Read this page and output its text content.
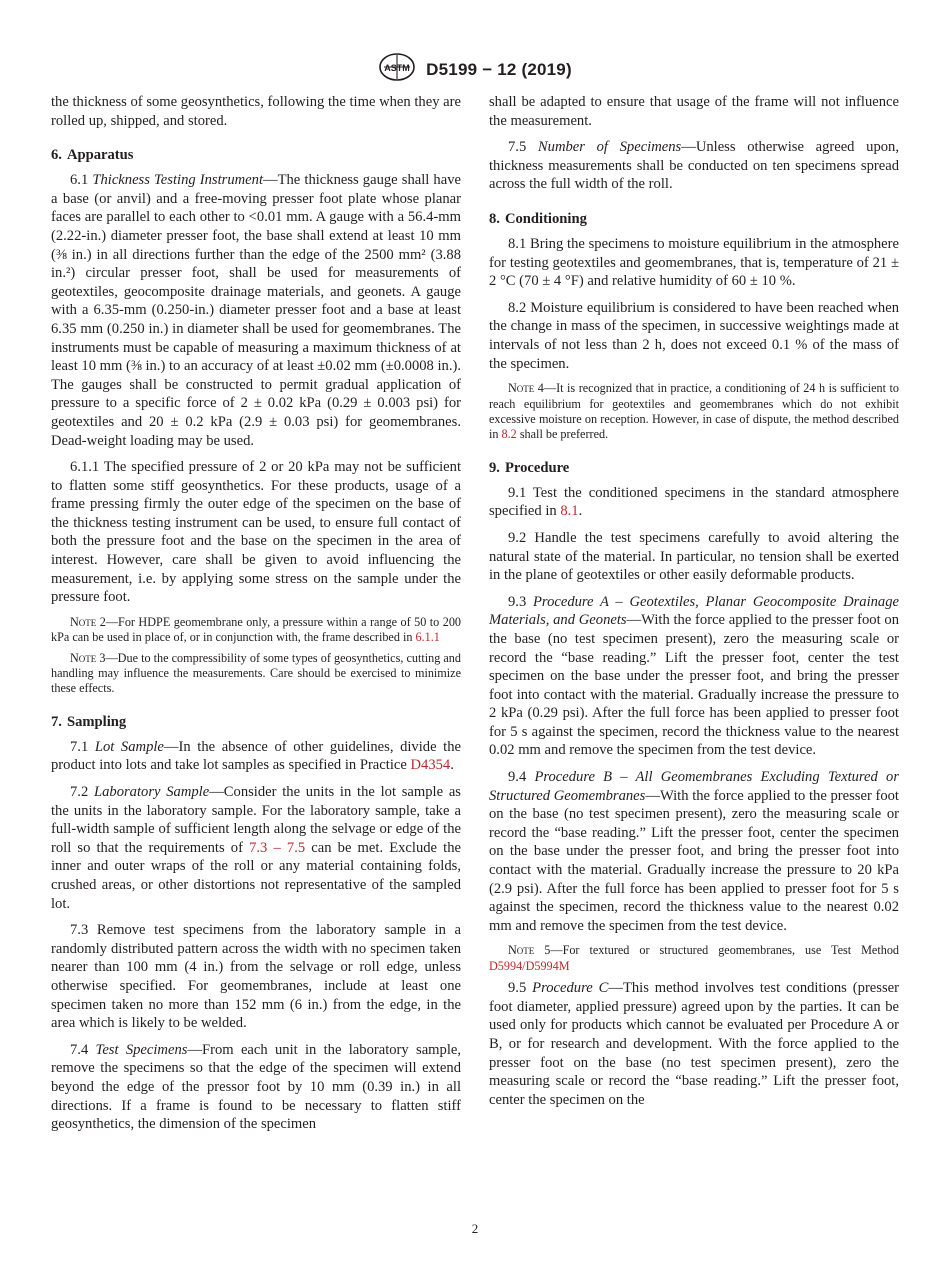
ASTM D5199 − 12 (2019)

the thickness of some geosynthetics, following the time when they are rolled up, shipped, and stored.

6. Apparatus

6.1 Thickness Testing Instrument—The thickness gauge shall have a base (or anvil) and a free-moving presser foot plate whose planar faces are parallel to each other to <0.01 mm. A gauge with a 56.4-mm (2.22-in.) diameter presser foot, the base shall extend at least 10 mm (⅜ in.) in all directions further than the edge of the 2500 mm² (3.88 in.²) circular presser foot, shall be used for measurements of geotextiles, geocomposite drainage materials, and geonets. A gauge with a 6.35-mm (0.250-in.) diameter presser foot and a base at least 6.35 mm (0.250 in.) in diameter shall be used for geomembranes. The instruments must be capable of measuring a maximum thickness of at least 10 mm (⅜ in.) to an accuracy of at least ±0.02 mm (±0.0008 in.). The gauges shall be constructed to permit gradual application of pressure to a specific force of 2 ± 0.02 kPa (0.29 ± 0.003 psi) for geotextiles and 20 ± 0.2 kPa (2.9 ± 0.03 psi) for geomembranes. Dead-weight loading may be used.

6.1.1 The specified pressure of 2 or 20 kPa may not be sufficient to flatten some stiff geosynthetics. For these products, usage of a frame pressing firmly the outer edge of the specimen on the base of the thickness testing instrument can be used, to ensure full contact of both the pressure foot and the base on the specimen in the area of interest. However, care shall be given to avoid influencing the measurement, i.e. by applying some stress on the sample under the pressure foot.

Note 2—For HDPE geomembrane only, a pressure within a range of 50 to 200 kPa can be used in place of, or in conjunction with, the frame described in 6.1.1

Note 3—Due to the compressibility of some types of geosynthetics, cutting and handling may influence the measurements. Care should be exercised to minimize these effects.

7. Sampling

7.1 Lot Sample—In the absence of other guidelines, divide the product into lots and take lot samples as specified in Practice D4354.

7.2 Laboratory Sample—Consider the units in the lot sample as the units in the laboratory sample. For the laboratory sample, take a full-width sample of sufficient length along the selvage or edge of the roll so that the requirements of 7.3 – 7.5 can be met. Exclude the inner and outer wraps of the roll or any material containing folds, crushed areas, or other distortions not representative of the sampled lot.

7.3 Remove test specimens from the laboratory sample in a randomly distributed pattern across the width with no specimen taken nearer than 100 mm (4 in.) from the selvage or roll edge, unless otherwise specified. For geomembranes, include at least one specimen taken no more than 152 mm (6 in.) from the edge, in the area which is likely to be welded.

7.4 Test Specimens—From each unit in the laboratory sample, remove the specimens so that the edge of the specimen will extend beyond the edge of the pressor foot by 10 mm (0.39 in.) in all directions. If a frame is found to be necessary to flatten stiff geosynthetics, the dimension of the specimen

shall be adapted to ensure that usage of the frame will not influence the measurement.

7.5 Number of Specimens—Unless otherwise agreed upon, thickness measurements shall be conducted on ten specimens spread across the full width of the roll.

8. Conditioning

8.1 Bring the specimens to moisture equilibrium in the atmosphere for testing geotextiles and geomembranes, that is, temperature of 21 ± 2 °C (70 ± 4 °F) and relative humidity of 60 ± 10 %.

8.2 Moisture equilibrium is considered to have been reached when the change in mass of the specimen, in successive weightings made at intervals of not less than 2 h, does not exceed 0.1 % of the mass of the specimen.

Note 4—It is recognized that in practice, a conditioning of 24 h is sufficient to reach equilibrium for geotextiles and geomembranes which do not exhibit excessive moisture on reception. However, in case of dispute, the method described in 8.2 shall be preferred.

9. Procedure

9.1 Test the conditioned specimens in the standard atmosphere specified in 8.1.

9.2 Handle the test specimens carefully to avoid altering the natural state of the material. In particular, no tension shall be exerted in the plane of geotextiles or other easily deformable products.

9.3 Procedure A – Geotextiles, Planar Geocomposite Drainage Materials, and Geonets—With the force applied to the presser foot on the base (no test specimen present), zero the measuring scale or record the “base reading.” Lift the presser foot, center the test specimen on the base under the presser foot, and bring the presser foot into contact with the material. Gradually increase the pressure to 2 kPa (0.29 psi). After the full force has been applied to presser foot for 5 s against the specimen, record the thickness value to the nearest 0.02 mm and remove the specimen from the test device.

9.4 Procedure B – All Geomembranes Excluding Textured or Structured Geomembranes—With the force applied to the presser foot on the base (no test specimen present), zero the measuring scale or record the “base reading.” Lift the presser foot, center the specimen on the base under the presser foot, and bring the presser foot into contact with the material. Gradually increase the pressure to 20 kPa (2.9 psi). After the full force has been applied to presser foot for 5 s against the specimen, record the thickness value to the nearest 0.02 mm and remove the specimen from the test device.

Note 5—For textured or structured geomembranes, use Test Method D5994/D5994M

9.5 Procedure C—This method involves test conditions (presser foot diameter, applied pressure) agreed upon by the parties. It can be used only for products which cannot be evaluated per Procedure A or B, or for research and development. With the force applied to the presser foot on the base (no test specimen present), zero the measuring scale or record the “base reading.” Lift the presser foot, center the specimen on the

2
